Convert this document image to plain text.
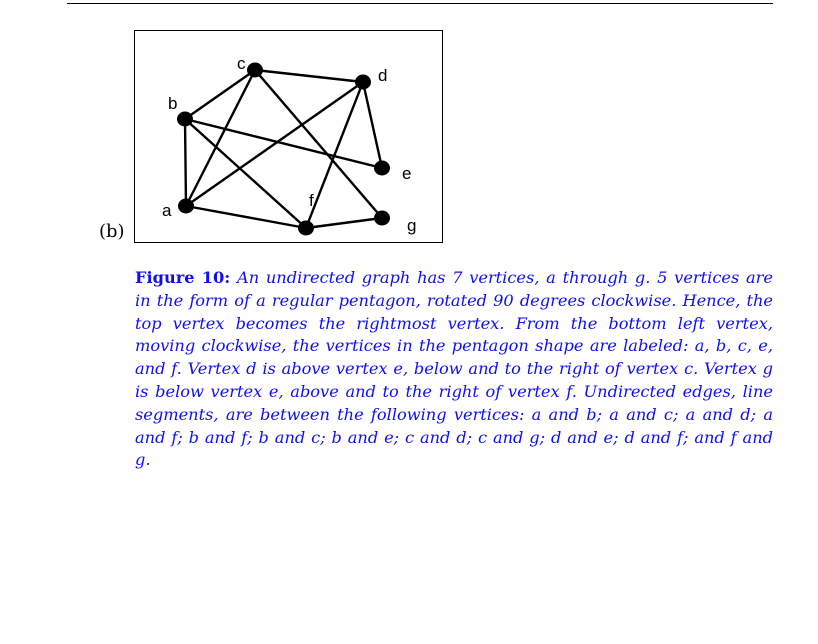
(b)
a
b
c
d
e
f
g
Figure 10: An undirected graph has 7 vertices, a through g. 5 vertices are in the form of a regular pentagon, rotated 90 degrees clockwise. Hence, the top vertex becomes the rightmost vertex. From the bottom left vertex, moving clockwise, the vertices in the pentagon shape are labeled: a, b, c, e, and f. Vertex d is above vertex e, below and to the right of vertex c. Vertex g is below vertex e, above and to the right of vertex f. Undirected edges, line segments, are between the following vertices: a and b; a and c; a and d; a and f; b and f; b and c; b and e; c and d; c and g; d and e; d and f; and f and g.
